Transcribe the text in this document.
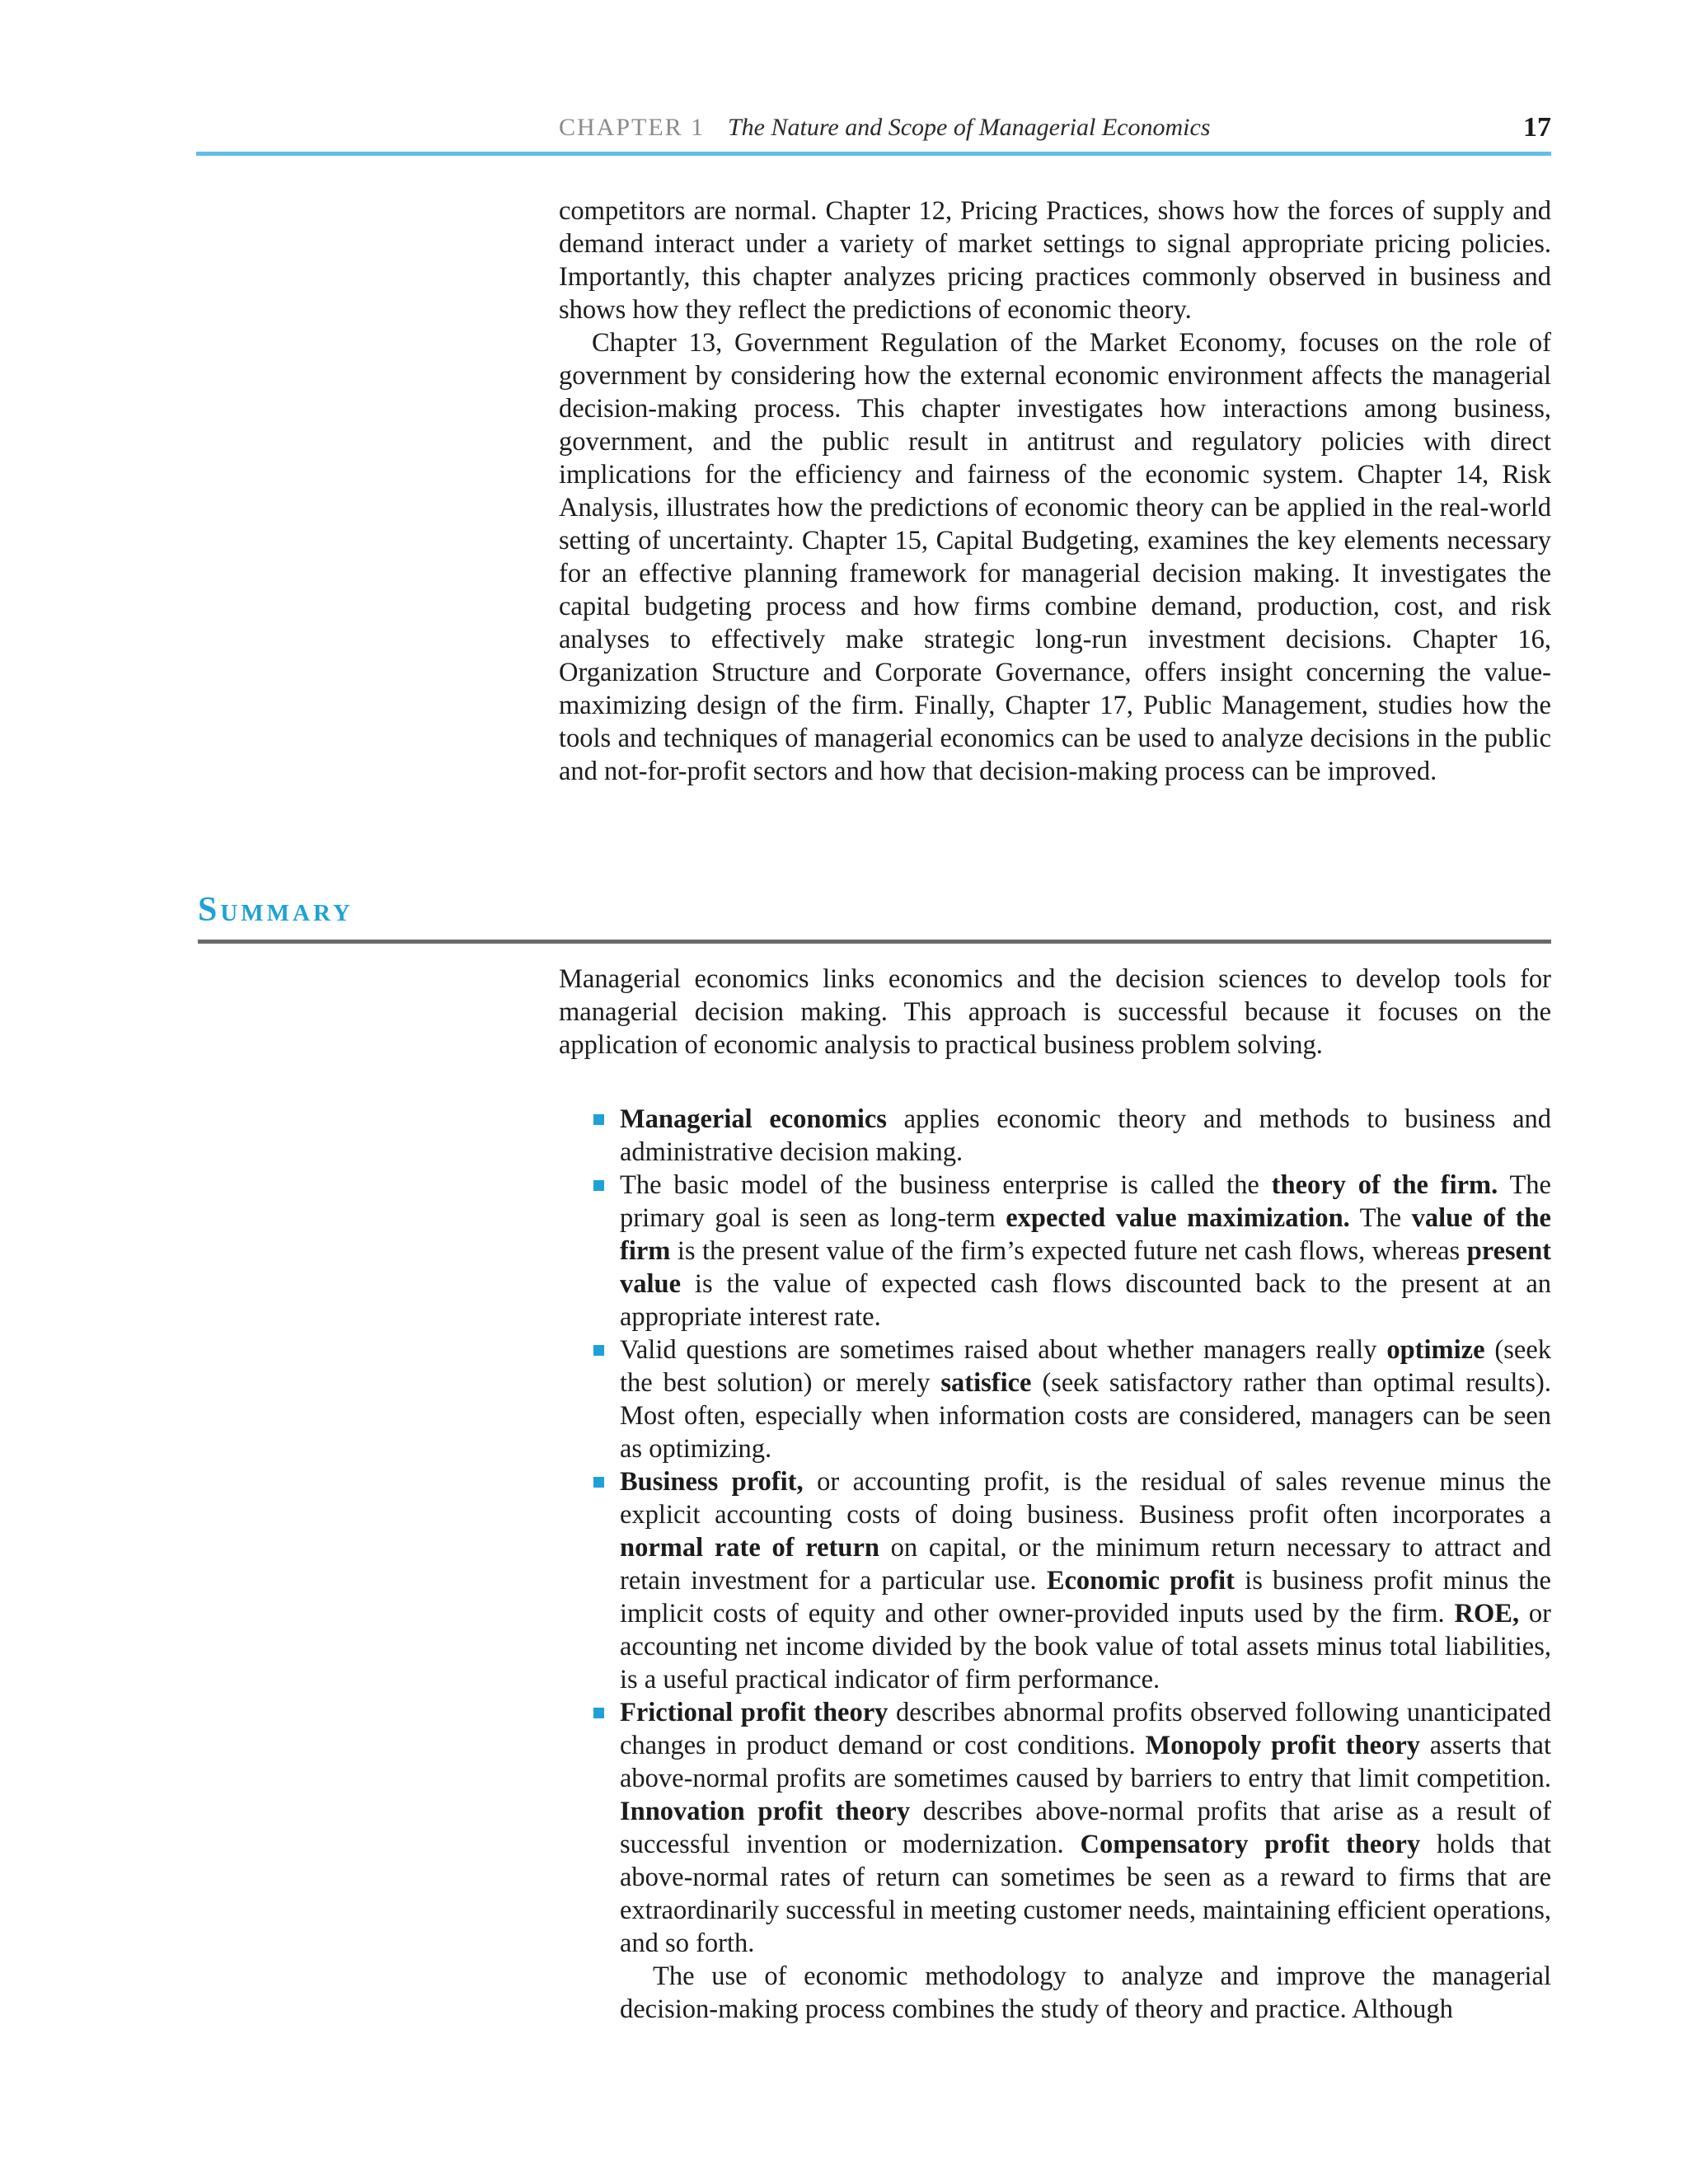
CHAPTER 1 The Nature and Scope of Managerial Economics	17

competitors are normal. Chapter 12, Pricing Practices, shows how the forces of supply and demand interact under a variety of market settings to signal appropriate pricing policies. Importantly, this chapter analyzes pricing practices commonly observed in business and shows how they reflect the predictions of economic theory.

Chapter 13, Government Regulation of the Market Economy, focuses on the role of government by considering how the external economic environment affects the managerial decision-making process. This chapter investigates how interactions among business, government, and the public result in antitrust and regulatory policies with direct implications for the efficiency and fairness of the economic system. Chapter 14, Risk Analysis, illustrates how the predictions of economic theory can be applied in the real-world setting of uncertainty. Chapter 15, Capital Budgeting, examines the key elements necessary for an effective planning framework for managerial decision making. It investigates the capital budgeting process and how firms combine demand, production, cost, and risk analyses to effectively make strategic long-run investment decisions. Chapter 16, Organization Structure and Corporate Governance, offers insight concerning the value-maximizing design of the firm. Finally, Chapter 17, Public Management, studies how the tools and techniques of managerial economics can be used to analyze decisions in the public and not-for-profit sectors and how that decision-making process can be improved.

Summary

Managerial economics links economics and the decision sciences to develop tools for managerial decision making. This approach is successful because it focuses on the application of economic analysis to practical business problem solving.

Managerial economics applies economic theory and methods to business and administrative decision making.
The basic model of the business enterprise is called the theory of the firm. The primary goal is seen as long-term expected value maximization. The value of the firm is the present value of the firm’s expected future net cash flows, whereas present value is the value of expected cash flows discounted back to the present at an appropriate interest rate.
Valid questions are sometimes raised about whether managers really optimize (seek the best solution) or merely satisfice (seek satisfactory rather than optimal results). Most often, especially when information costs are considered, managers can be seen as optimizing.
Business profit, or accounting profit, is the residual of sales revenue minus the explicit accounting costs of doing business. Business profit often incorporates a normal rate of return on capital, or the minimum return necessary to attract and retain investment for a particular use. Economic profit is business profit minus the implicit costs of equity and other owner-provided inputs used by the firm. ROE, or accounting net income divided by the book value of total assets minus total liabilities, is a useful practical indicator of firm performance.
Frictional profit theory describes abnormal profits observed following unanticipated changes in product demand or cost conditions. Monopoly profit theory asserts that above-normal profits are sometimes caused by barriers to entry that limit competition. Innovation profit theory describes above-normal profits that arise as a result of successful invention or modernization. Compensatory profit theory holds that above-normal rates of return can sometimes be seen as a reward to firms that are extraordinarily successful in meeting customer needs, maintaining efficient operations, and so forth.

The use of economic methodology to analyze and improve the managerial decision-making process combines the study of theory and practice. Although
